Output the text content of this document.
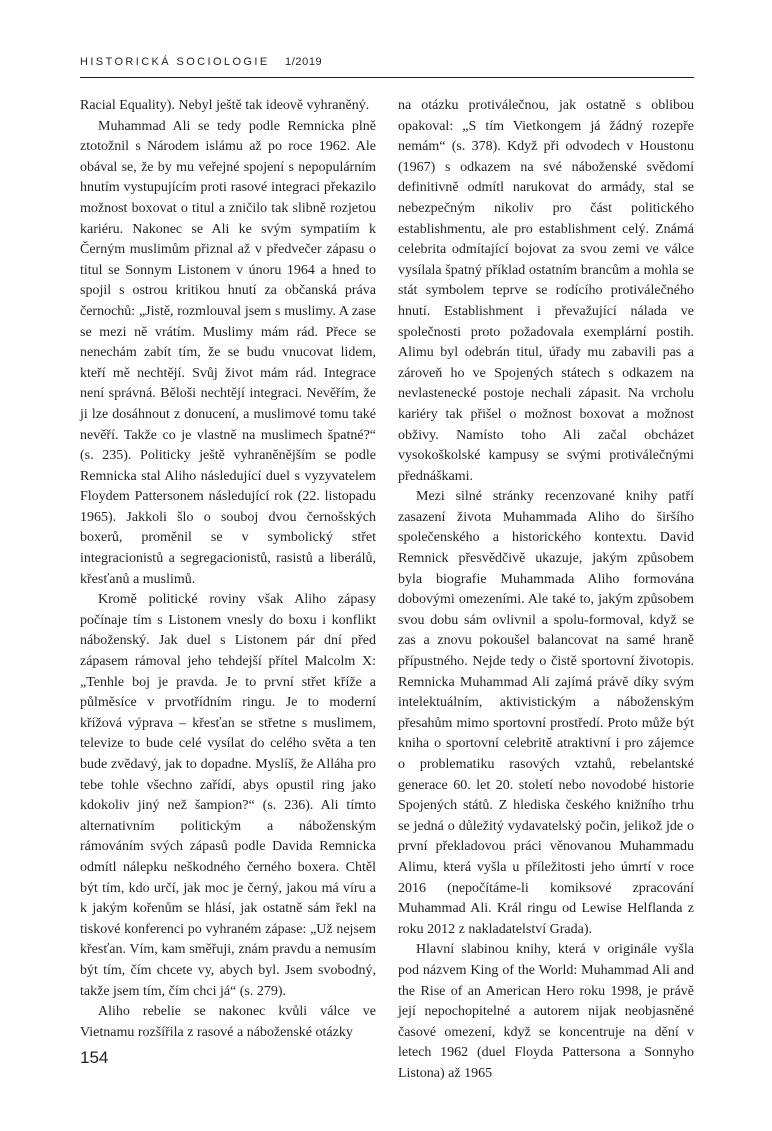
HISTORICKÁ SOCIOLOGIE 1/2019

Racial Equality). Nebyl ještě tak ideově vyhraněný.

Muhammad Ali se tedy podle Remnicka plně ztotožnil s Národem islámu až po roce 1962. Ale obával se, že by mu veřejné spojení s nepopulárním hnutím vystupujícím proti rasové integraci překazilo možnost boxovat o titul a zničilo tak slibně rozjetou kariéru. Nakonec se Ali ke svým sympatiím k Černým muslimům přiznal až v předvečer zápasu o titul se Sonnym Listonem v únoru 1964 a hned to spojil s ostrou kritikou hnutí za občanská práva černochů: „Jistě, rozmlouval jsem s muslimy. A zase se mezi ně vrátím. Muslimy mám rád. Přece se nenechám zabít tím, že se budu vnucovat lidem, kteří mě nechtějí. Svůj život mám rád. Integrace není správná. Běloši nechtějí integraci. Nevěřím, že ji lze dosáhnout z donucení, a muslimové tomu také nevěří. Takže co je vlastně na muslimech špatné?“ (s. 235). Politicky ještě vyhraněnějším se podle Remnicka stal Aliho následující duel s vyzyvatelem Floydem Pattersonem následující rok (22. listopadu 1965). Jakkoli šlo o souboj dvou černošských boxerů, proměnil se v symbolický střet integracionistů a segregacionistů, rasistů a liberálů, křesťanů a muslimů.

Kromě politické roviny však Aliho zápasy počínaje tím s Listonem vnesly do boxu i konflikt náboženský. Jak duel s Listonem pár dní před zápasem rámoval jeho tehdejší přítel Malcolm X: „Tenhle boj je pravda. Je to první střet kříže a půlměsíce v prvotřídním ringu. Je to moderní křížová výprava – křesťan se střetne s muslimem, televize to bude celé vysílat do celého světa a ten bude zvědavý, jak to dopadne. Myslíš, že Alláha pro tebe tohle všechno zařídí, abys opustil ring jako kdokoliv jiný než šampion?“ (s. 236). Ali tímto alternativním politickým a náboženským rámováním svých zápasů podle Davida Remnicka odmítl nálepku neškodného černého boxera. Chtěl být tím, kdo určí, jak moc je černý, jakou má víru a k jakým kořenům se hlásí, jak ostatně sám řekl na tiskové konferenci po vyhraném zápase: „Už nejsem křesťan. Vím, kam směřuji, znám pravdu a nemusím být tím, čím chcete vy, abych byl. Jsem svobodný, takže jsem tím, čím chci já“ (s. 279).

Aliho rebelie se nakonec kvůli válce ve Vietnamu rozšířila z rasové a náboženské otázky

na otázku protiválečnou, jak ostatně s oblibou opakoval: „S tím Vietkongem já žádný rozepře nemám“ (s. 378). Když při odvodech v Houstonu (1967) s odkazem na své náboženské svědomí definitivně odmítl narukovat do armády, stal se nebezpečným nikoliv pro část politického establishmentu, ale pro establishment celý. Známá celebrita odmítající bojovat za svou zemi ve válce vysílala špatný příklad ostatním brancům a mohla se stát symbolem teprve se rodícího protiválečného hnutí. Establishment i převažující nálada ve společnosti proto požadovala exemplární postih. Alimu byl odebrán titul, úřady mu zabavili pas a zároveň ho ve Spojených státech s odkazem na nevlastenecké postoje nechali zápasit. Na vrcholu kariéry tak přišel o možnost boxovat a možnost obživy. Namísto toho Ali začal obcházet vysokoškolské kampusy se svými protiválečnými přednáškami.

Mezi silné stránky recenzované knihy patří zasazení života Muhammada Aliho do širšího společenského a historického kontextu. David Remnick přesvědčivě ukazuje, jakým způsobem byla biografie Muhammada Aliho formována dobovými omezeními. Ale také to, jakým způsobem svou dobu sám ovlivnil a spolu-formoval, když se zas a znovu pokoušel balancovat na samé hraně přípustného. Nejde tedy o čistě sportovní životopis. Remnicka Muhammad Ali zajímá právě díky svým intelektuálním, aktivistickým a náboženským přesahům mimo sportovní prostředí. Proto může být kniha o sportovní celebritě atraktivní i pro zájemce o problematiku rasových vztahů, rebelantské generace 60. let 20. století nebo novodobé historie Spojených států. Z hlediska českého knižního trhu se jedná o důležitý vydavatelský počin, jelikož jde o první překladovou práci věnovanou Muhammadu Alimu, která vyšla u příležitosti jeho úmrtí v roce 2016 (nepočítáme-li komiksové zpracování Muhammad Ali. Král ringu od Lewise Helflanda z roku 2012 z nakladatelství Grada).

Hlavní slabinou knihy, která v originále vyšla pod názvem King of the World: Muhammad Ali and the Rise of an American Hero roku 1998, je právě její nepochopitelné a autorem nijak neobjasněné časové omezení, když se koncentruje na dění v letech 1962 (duel Floyda Pattersona a Sonnyho Listona) až 1965

154
